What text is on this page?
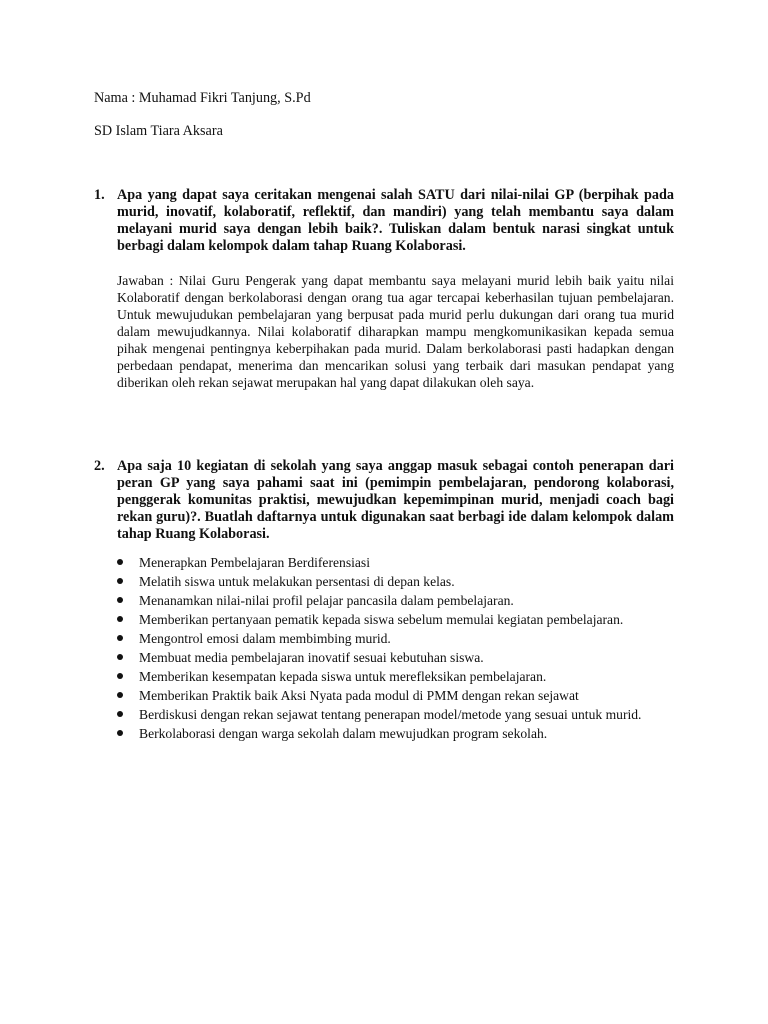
Nama : Muhamad Fikri Tanjung, S.Pd
SD Islam Tiara Aksara
1. Apa yang dapat saya ceritakan mengenai salah SATU dari nilai-nilai GP (berpihak pada murid, inovatif, kolaboratif, reflektif, dan mandiri) yang telah membantu saya dalam melayani murid saya dengan lebih baik?. Tuliskan dalam bentuk narasi singkat untuk berbagi dalam kelompok dalam tahap Ruang Kolaborasi.
Jawaban : Nilai Guru Pengerak yang dapat membantu saya melayani murid lebih baik yaitu nilai Kolaboratif dengan berkolaborasi dengan orang tua agar tercapai keberhasilan tujuan pembelajaran. Untuk mewujudukan pembelajaran yang berpusat pada murid perlu dukungan dari orang tua murid dalam mewujudkannya. Nilai kolaboratif diharapkan mampu mengkomunikasikan kepada semua pihak mengenai pentingnya keberpihakan pada murid. Dalam berkolaborasi pasti hadapkan dengan perbedaan pendapat, menerima dan mencarikan solusi yang terbaik dari masukan pendapat yang diberikan oleh rekan sejawat merupakan hal yang dapat dilakukan oleh saya.
2. Apa saja 10 kegiatan di sekolah yang saya anggap masuk sebagai contoh penerapan dari peran GP yang saya pahami saat ini (pemimpin pembelajaran, pendorong kolaborasi, penggerak komunitas praktisi, mewujudkan kepemimpinan murid, menjadi coach bagi rekan guru)?. Buatlah daftarnya untuk digunakan saat berbagi ide dalam kelompok dalam tahap Ruang Kolaborasi.
Menerapkan Pembelajaran Berdiferensiasi
Melatih siswa untuk melakukan persentasi di depan kelas.
Menanamkan nilai-nilai profil pelajar pancasila dalam pembelajaran.
Memberikan pertanyaan pematik kepada siswa sebelum memulai kegiatan pembelajaran.
Mengontrol emosi dalam membimbing murid.
Membuat media pembelajaran inovatif sesuai kebutuhan siswa.
Memberikan kesempatan kepada siswa untuk merefleksikan pembelajaran.
Memberikan Praktik baik Aksi Nyata pada modul di PMM dengan rekan sejawat
Berdiskusi dengan rekan sejawat tentang penerapan model/metode yang sesuai untuk murid.
Berkolaborasi dengan warga sekolah dalam mewujudkan program sekolah.
